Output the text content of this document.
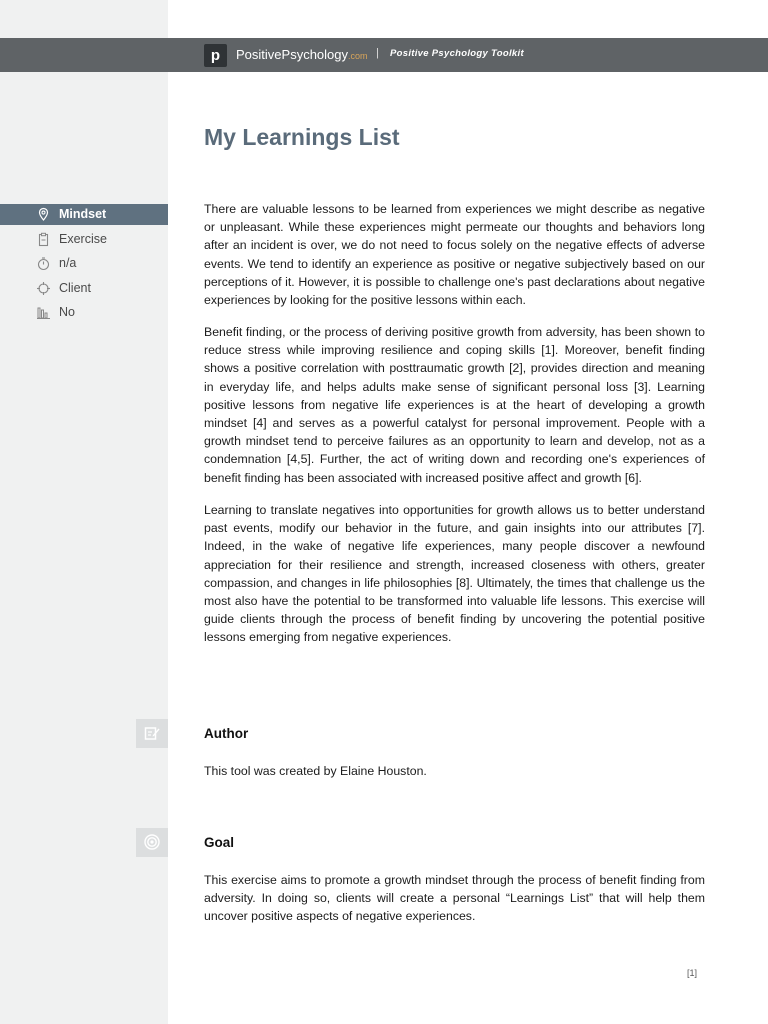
p	PositivePsychology.com | Positive Psychology Toolkit
My Learnings List
Mindset
Exercise
n/a
Client
No

There are valuable lessons to be learned from experiences we might describe as negative or unpleasant. While these experiences might permeate our thoughts and behaviors long after an incident is over, we do not need to focus solely on the negative effects of adverse events. We tend to identify an experience as positive or negative subjectively based on our perceptions of it. However, it is possible to challenge one's past declarations about negative experiences by looking for the positive lessons within each.

Benefit finding, or the process of deriving positive growth from adversity, has been shown to reduce stress while improving resilience and coping skills [1]. Moreover, benefit finding shows a positive correlation with posttraumatic growth [2], provides direction and meaning in everyday life, and helps adults make sense of significant personal loss [3]. Learning positive lessons from negative life experiences is at the heart of developing a growth mindset [4] and serves as a powerful catalyst for personal improvement. People with a growth mindset tend to perceive failures as an opportunity to learn and develop, not as a condemnation [4,5]. Further, the act of writing down and recording one's experiences of benefit finding has been associated with increased positive affect and growth [6].

Learning to translate negatives into opportunities for growth allows us to better understand past events, modify our behavior in the future, and gain insights into our attributes [7]. Indeed, in the wake of negative life experiences, many people discover a newfound appreciation for their resilience and strength, increased closeness with others, greater compassion, and changes in life philosophies [8]. Ultimately, the times that challenge us the most also have the potential to be transformed into valuable life lessons. This exercise will guide clients through the process of benefit finding by uncovering the potential positive lessons emerging from negative experiences.

Author

This tool was created by Elaine Houston.

Goal

This exercise aims to promote a growth mindset through the process of benefit finding from adversity. In doing so, clients will create a personal “Learnings List” that will help them uncover positive aspects of negative experiences.

[1]
